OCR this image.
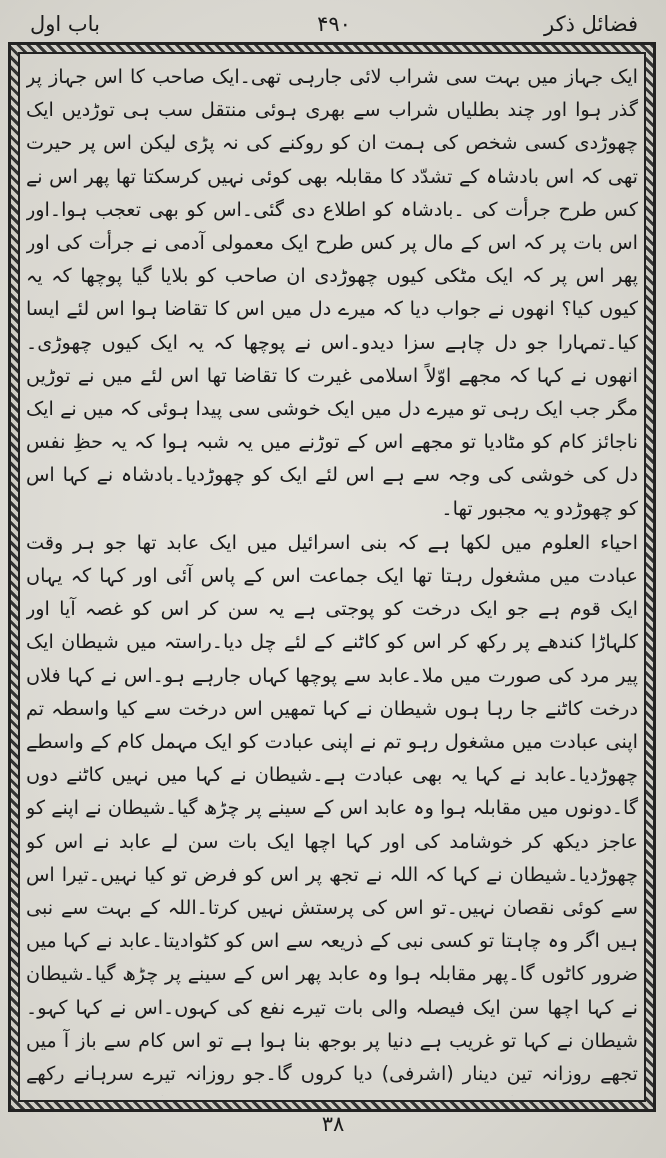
فضائل ذکر
۴۹۰
باب اول

ایک جہاز میں بہت سی شراب لائی جارہی تھی۔ایک صاحب کا اس جہاز پر گذر ہوا اور چند بطلیاں شراب سے بھری ہوئی منتقل سب ہی توڑدیں ایک چھوڑدی کسی شخص کی ہمت ان کو روکنے کی نہ پڑی لیکن اس پر حیرت تھی کہ اس بادشاہ کے تشدّد کا مقابلہ بھی کوئی نہیں کرسکتا تھا پھر اس نے کس طرح جرأت کی ۔بادشاہ کو اطلاع دی گئی۔اس کو بھی تعجب ہوا۔اور اس بات پر کہ اس کے مال پر کس طرح ایک معمولی آدمی نے جرأت کی اور پھر اس پر کہ ایک مٹکی کیوں چھوڑدی ان صاحب کو بلایا گیا پوچھا کہ یہ کیوں کیا؟ انھوں نے جواب دیا کہ میرے دل میں اس کا تقاضا ہوا اس لئے ایسا کیا۔تمہارا جو دل چاہے سزا دیدو۔اس نے پوچھا کہ یہ ایک کیوں چھوڑی۔انھوں نے کہا کہ مجھے اوّلاً اسلامی غیرت کا تقاضا تھا اس لئے میں نے توڑیں مگر جب ایک رہی تو میرے دل میں ایک خوشی سی پیدا ہوئی کہ میں نے ایک ناجائز کام کو مٹادیا تو مجھے اس کے توڑنے میں یہ شبہ ہوا کہ یہ حظِ نفس دل کی خوشی کی وجہ سے ہے اس لئے ایک کو چھوڑدیا۔بادشاہ نے کہا اس کو چھوڑدو یہ مجبور تھا۔

احیاء العلوم میں لکھا ہے کہ بنی اسرائیل میں ایک عابد تھا جو ہر وقت عبادت میں مشغول رہتا تھا ایک جماعت اس کے پاس آئی اور کہا کہ یہاں ایک قوم ہے جو ایک درخت کو پوجتی ہے یہ سن کر اس کو غصہ آیا اور کلہاڑا کندھے پر رکھ کر اس کو کاٹنے کے لئے چل دیا۔راستہ میں شیطان ایک پیر مرد کی صورت میں ملا۔عابد سے پوچھا کہاں جارہے ہو۔اس نے کہا فلاں درخت کاٹنے جا رہا ہوں شیطان نے کہا تمھیں اس درخت سے کیا واسطہ تم اپنی عبادت میں مشغول رہو تم نے اپنی عبادت کو ایک مہمل کام کے واسطے چھوڑدیا۔عابد نے کہا یہ بھی عبادت ہے۔شیطان نے کہا میں نہیں کاٹنے دوں گا۔دونوں میں مقابلہ ہوا وہ عابد اس کے سینے پر چڑھ گیا۔شیطان نے اپنے کو عاجز دیکھ کر خوشامد کی اور کہا اچھا ایک بات سن لے عابد نے اس کو چھوڑدیا۔شیطان نے کہا کہ اللہ نے تجھ پر اس کو فرض تو کیا نہیں۔تیرا اس سے کوئی نقصان نہیں۔تو اس کی پرستش نہیں کرتا۔اللہ کے بہت سے نبی ہیں اگر وہ چاہتا تو کسی نبی کے ذریعہ سے اس کو کٹوادیتا۔عابد نے کہا میں ضرور کاٹوں گا۔پھر مقابلہ ہوا وہ عابد پھر اس کے سینے پر چڑھ گیا۔شیطان نے کہا اچھا سن ایک فیصلہ والی بات تیرے نفع کی کہوں۔اس نے کہا کہو۔شیطان نے کہا تو غریب ہے دنیا پر بوجھ بنا ہوا ہے تو اس کام سے باز آ میں تجھے روزانہ تین دینار (اشرفی) دیا کروں گا۔جو روزانہ تیرے سرہانے رکھے

۳۸
